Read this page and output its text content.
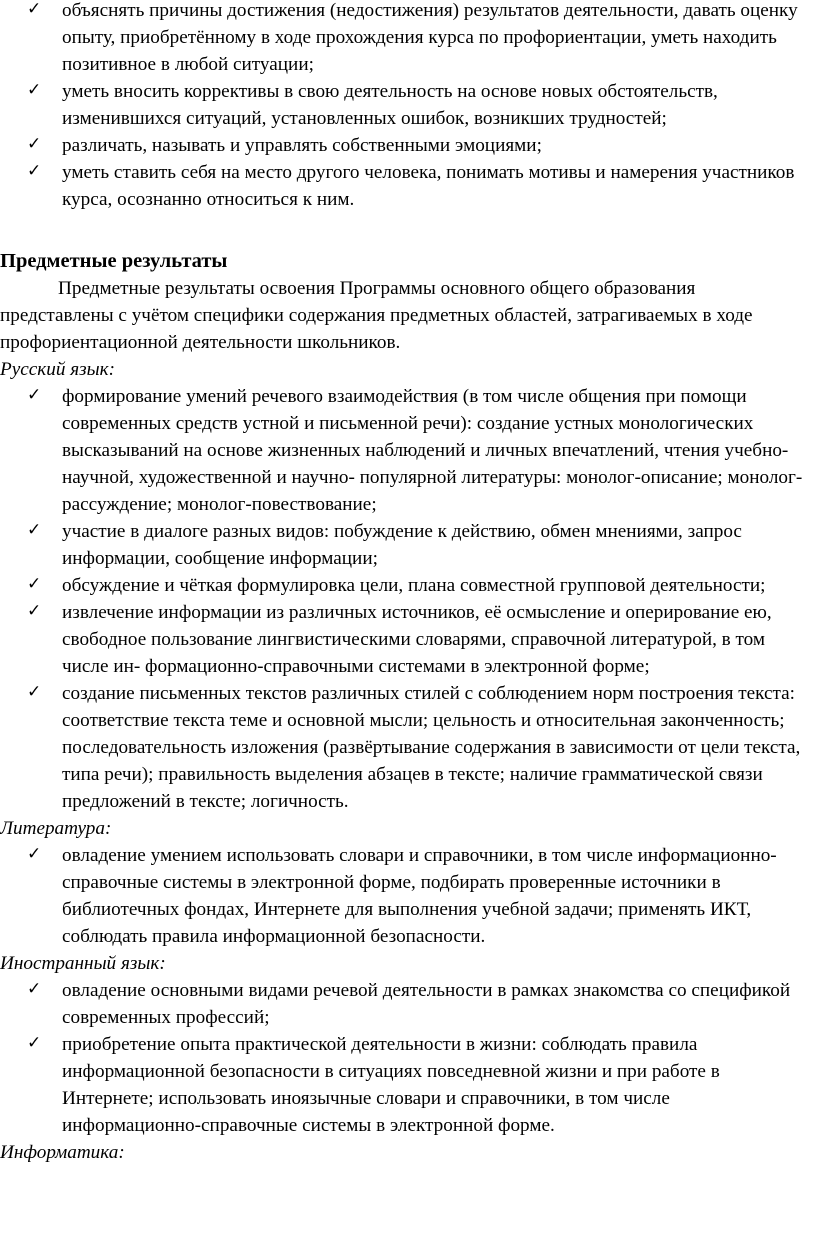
✓ объяснять причины достижения (недостижения) результатов деятельности, давать оценку опыту, приобретённому в ходе прохождения курса по профориентации, уметь находить позитивное в любой ситуации;
✓ уметь вносить коррективы в свою деятельность на основе новых обстоятельств, изменившихся ситуаций, установленных ошибок, возникших трудностей;
✓ различать, называть и управлять собственными эмоциями;
✓ уметь ставить себя на место другого человека, понимать мотивы и намерения участников курса, осознанно относиться к ним.
Предметные результаты
Предметные результаты освоения Программы основного общего образования представлены с учётом специфики содержания предметных областей, затрагиваемых в ходе профориентационной деятельности школьников.
Русский язык:
✓ формирование умений речевого взаимодействия (в том числе общения при помощи современных средств устной и письменной речи): создание устных монологических высказываний на основе жизненных наблюдений и личных впечатлений, чтения учебно-научной, художественной и научно- популярной литературы: монолог-описание; монолог-рассуждение; монолог-повествование;
✓ участие в диалоге разных видов: побуждение к действию, обмен мнениями, запрос информации, сообщение информации;
✓ обсуждение и чёткая формулировка цели, плана совместной групповой деятельности;
✓ извлечение информации из различных источников, её осмысление и оперирование ею, свободное пользование лингвистическими словарями, справочной литературой, в том числе ин- формационно-справочными системами в электронной форме;
✓ создание письменных текстов различных стилей с соблюдением норм построения текста: соответствие текста теме и основной мысли; цельность и относительная законченность; последовательность изложения (развёртывание содержания в зависимости от цели текста, типа речи); правильность выделения абзацев в тексте; наличие грамматической связи предложений в тексте; логичность.
Литература:
✓ овладение умением использовать словари и справочники, в том числе информационно-справочные системы в электронной форме, подбирать проверенные источники в библиотечных фондах, Интернете для выполнения учебной задачи; применять ИКТ, соблюдать правила информационной безопасности.
Иностранный язык:
✓ овладение основными видами речевой деятельности в рамках знакомства со спецификой современных профессий;
✓ приобретение опыта практической деятельности в жизни: соблюдать правила информационной безопасности в ситуациях повседневной жизни и при работе в Интернете; использовать иноязычные словари и справочники, в том числе информационно-справочные системы в электронной форме.
Информатика:
